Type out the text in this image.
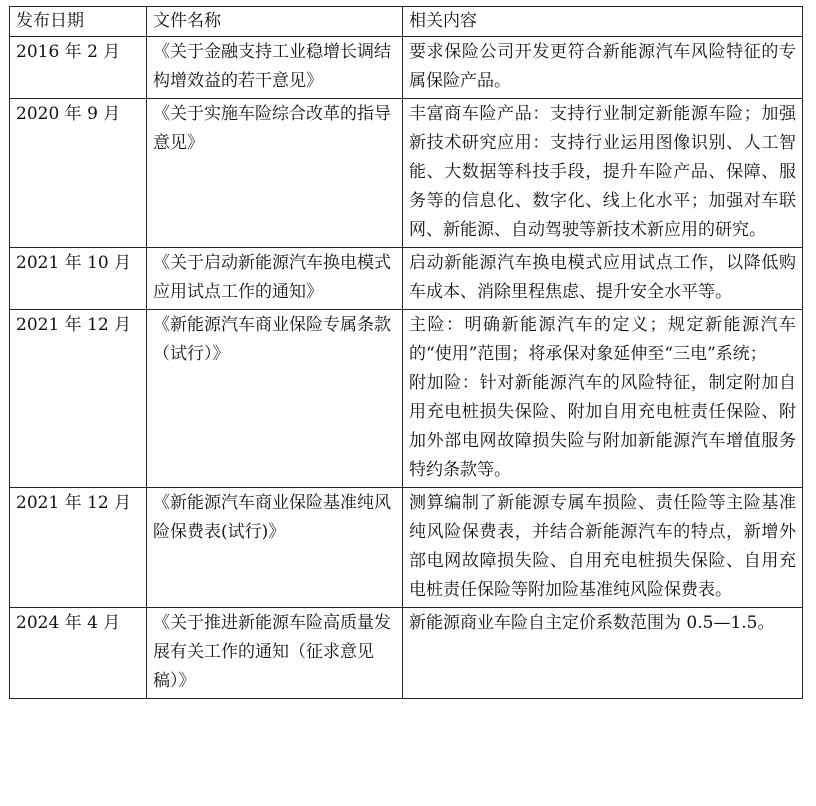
发布日期	文件名称	相关内容
2016 年 2 月	《关于金融支持工业稳增长调结构增效益的若干意见》	要求保险公司开发更符合新能源汽车风险特征的专属保险产品。

2020 年 9 月	《关于实施车险综合改革的指导意见》	丰富商车险产品：支持行业制定新能源车险；加强新技术研究应用：支持行业运用图像识别、人工智能、大数据等科技手段，提升车险产品、保障、服务等的信息化、数字化、线上化水平；加强对车联网、新能源、自动驾驶等新技术新应用的研究。

2021 年 10 月	《关于启动新能源汽车换电模式应用试点工作的通知》	启动新能源汽车换电模式应用试点工作，以降低购车成本、消除里程焦虑、提升安全水平等。

2021 年 12 月	《新能源汽车商业保险专属条款（试行）》	主险：明确新能源汽车的定义；规定新能源汽车的“使用”范围；将承保对象延伸至“三电”系统；
附加险：针对新能源汽车的风险特征，制定附加自用充电桩损失保险、附加自用充电桩责任保险、附加外部电网故障损失险与附加新能源汽车增值服务特约条款等。

2021 年 12 月	《新能源汽车商业保险基准纯风险保费表(试行)》	测算编制了新能源专属车损险、责任险等主险基准纯风险保费表，并结合新能源汽车的特点，新增外部电网故障损失险、自用充电桩损失保险、自用充电桩责任保险等附加险基准纯风险保费表。

2024 年 4 月	《关于推进新能源车险高质量发展有关工作的通知（征求意见稿）》	新能源商业车险自主定价系数范围为 0.5—1.5。
